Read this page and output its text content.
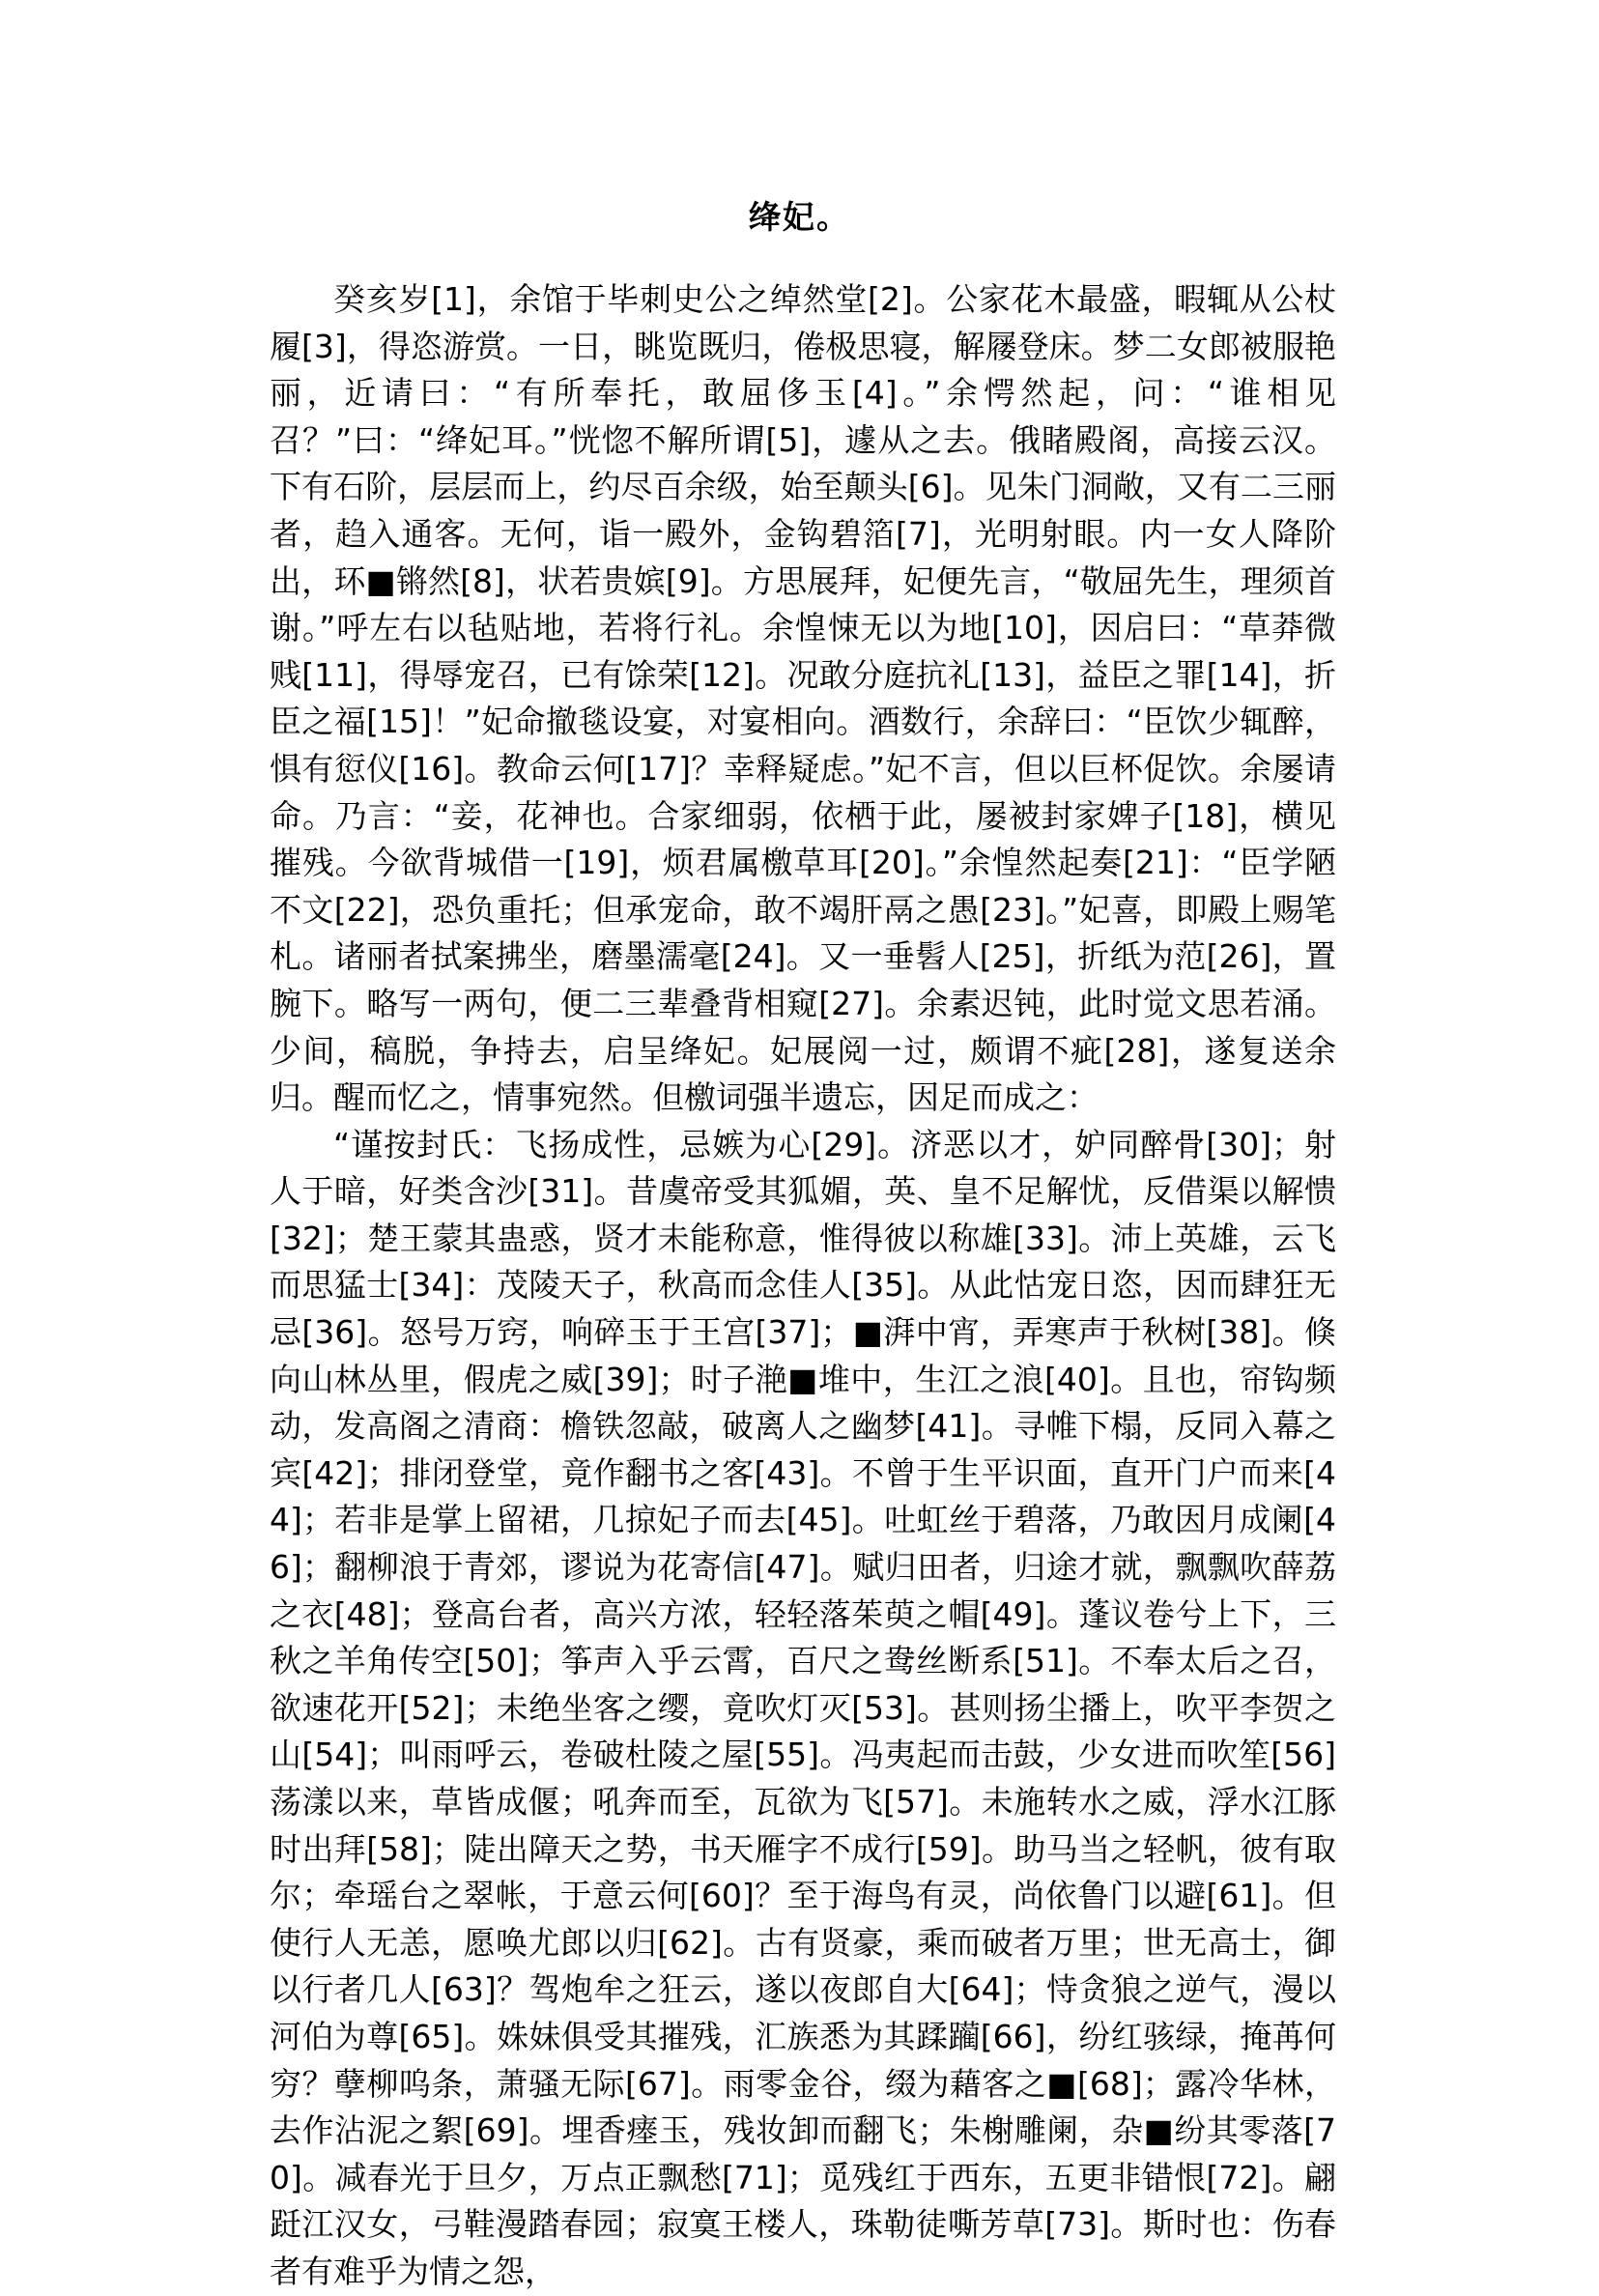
绛妃。

癸亥岁[1]，余馆于毕刺史公之绰然堂[2]。公家花木最盛，暇辄从公杖履[3]，得恣游赏。一日，眺览既归，倦极思寝，解屦登床。梦二女郎被服艳丽，近请曰：“有所奉托，敢屈侈玉[4]。”余愕然起，问：“谁相见召？”曰：“绛妃耳。”恍惚不解所谓[5]，遽从之去。俄睹殿阁，高接云汉。下有石阶，层层而上，约尽百余级，始至颠头[6]。见朱门洞敞，又有二三丽者，趋入通客。无何，诣一殿外，金钩碧箔[7]，光明射眼。内一女人降阶出，环■锵然[8]，状若贵嫔[9]。方思展拜，妃便先言，“敬屈先生，理须首谢。”呼左右以毡贴地，若将行礼。余惶悚无以为地[10]，因启曰：“草莽微贱[11]，得辱宠召，已有馀荣[12]。况敢分庭抗礼[13]，益臣之罪[14]，折臣之福[15]！”妃命撤毯设宴，对宴相向。酒数行，余辞曰：“臣饮少辄醉，惧有愆仪[16]。教命云何[17]？幸释疑虑。”妃不言，但以巨杯促饮。余屡请命。乃言：“妾，花神也。合家细弱，依栖于此，屡被封家婢子[18]，横见摧残。今欲背城借一[19]，烦君属檄草耳[20]。”余惶然起奏[21]：“臣学陋不文[22]，恐负重托；但承宠命，敢不竭肝鬲之愚[23]。”妃喜，即殿上赐笔札。诸丽者拭案拂坐，磨墨濡毫[24]。又一垂髫人[25]，折纸为范[26]，置腕下。略写一两句，便二三辈叠背相窥[27]。余素迟钝，此时觉文思若涌。少间，稿脱，争持去，启呈绛妃。妃展阅一过，颇谓不疵[28]，遂复送余归。醒而忆之，情事宛然。但檄词强半遗忘，因足而成之：

“谨按封氏：飞扬成性，忌嫉为心[29]。济恶以才，妒同醉骨[30]；射人于暗，好类含沙[31]。昔虞帝受其狐媚，英、皇不足解忧，反借渠以解愦[32]；楚王蒙其蛊惑，贤才未能称意，惟得彼以称雄[33]。沛上英雄，云飞而思猛士[34]：茂陵天子，秋高而念佳人[35]。从此怙宠日恣，因而肆狂无忌[36]。怒号万窍，响碎玉于王宫[37]；■湃中宵，弄寒声于秋树[38]。倏向山林丛里，假虎之威[39]；时子滟■堆中，生江之浪[40]。且也，帘钩频动，发高阁之清商：檐铁忽敲，破离人之幽梦[41]。寻帷下榻，反同入幕之宾[42]；排闭登堂，竟作翻书之客[43]。不曾于生平识面，直开门户而来[44]；若非是掌上留裙，几掠妃子而去[45]。吐虹丝于碧落，乃敢因月成阑[46]；翻柳浪于青郊，谬说为花寄信[47]。赋归田者，归途才就，飘飘吹薛荔之衣[48]；登高台者，高兴方浓，轻轻落茱萸之帽[49]。蓬议卷兮上下，三秋之羊角传空[50]；筝声入乎云霄，百尺之鸯丝断系[51]。不奉太后之召，欲速花开[52]；未绝坐客之缨，竟吹灯灭[53]。甚则扬尘播上，吹平李贺之山[54]；叫雨呼云，卷破杜陵之屋[55]。冯夷起而击鼓，少女进而吹笙[56]荡漾以来，草皆成偃；吼奔而至，瓦欲为飞[57]。未施转水之威，浮水江豚时出拜[58]；陡出障天之势，书天雁字不成行[59]。助马当之轻帆，彼有取尔；牵瑶台之翠帐，于意云何[60]？至于海鸟有灵，尚依鲁门以避[61]。但使行人无恙，愿唤尤郎以归[62]。古有贤豪，乘而破者万里；世无高士，御以行者几人[63]？驾炮牟之狂云，遂以夜郎自大[64]；恃贪狼之逆气，漫以河伯为尊[65]。姝妹俱受其摧残，汇族悉为其蹂躏[66]，纷红骇绿，掩苒何穷？孽柳呜条，萧骚无际[67]。雨零金谷，缀为藉客之■[68]；露冷华林，去作沾泥之絮[69]。埋香瘗玉，残妆卸而翻飞；朱榭雕阑，杂■纷其零落[70]。减春光于旦夕，万点正飘愁[71]；觅残红于西东，五更非错恨[72]。翩跹江汉女，弓鞋漫踏春园；寂寞王楼人，珠勒徒嘶芳草[73]。斯时也：伤春者有难乎为情之怨，
